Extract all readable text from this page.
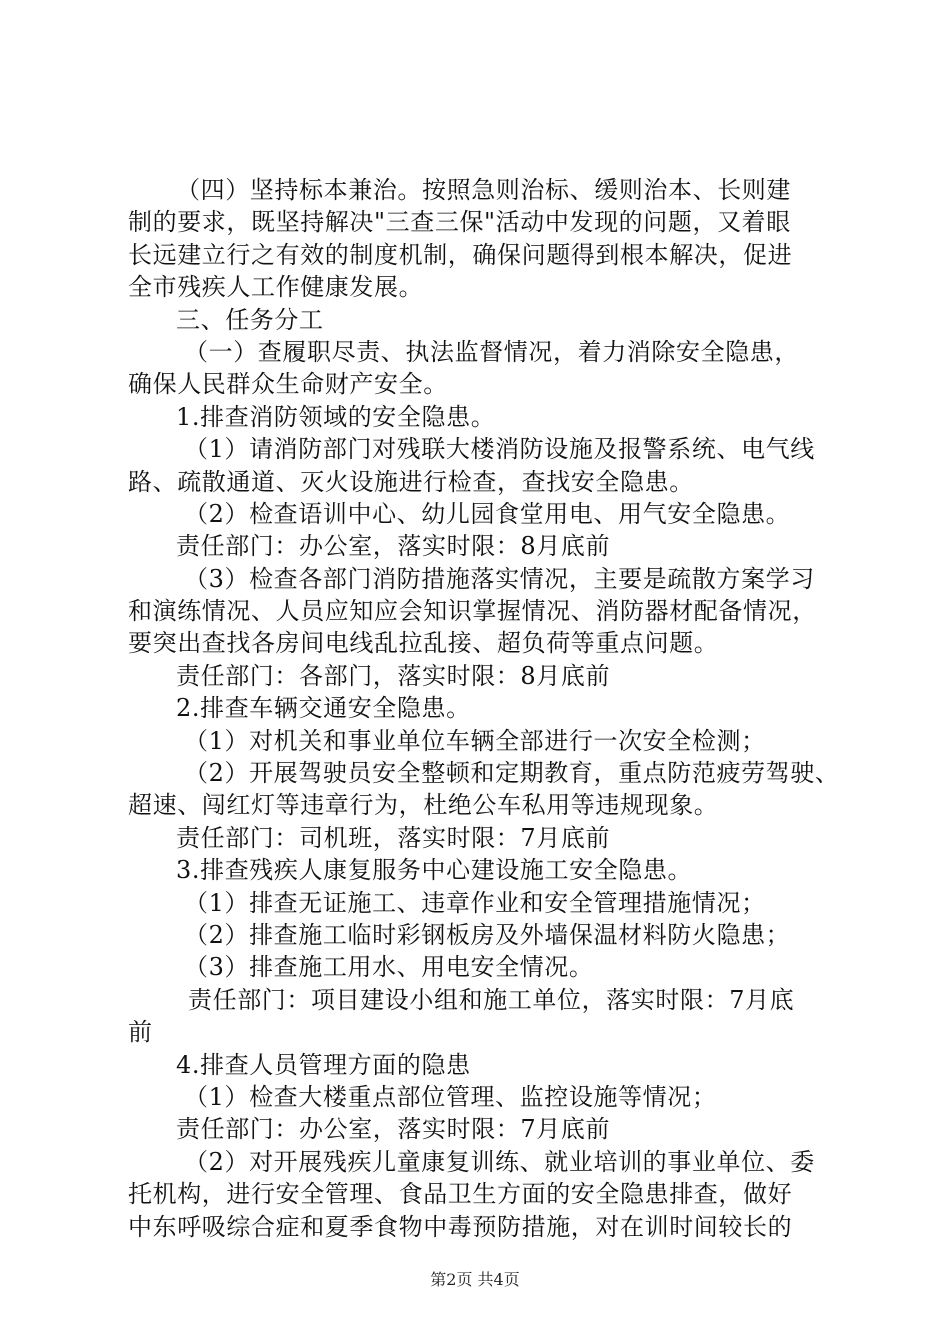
（四）坚持标本兼治。按照急则治标、缓则治本、长则建
制的要求，既坚持解决"三查三保"活动中发现的问题，又着眼
长远建立行之有效的制度机制，确保问题得到根本解决，促进
全市残疾人工作健康发展。
三、任务分工
（一）查履职尽责、执法监督情况，着力消除安全隐患，
确保人民群众生命财产安全。
1.排查消防领域的安全隐患。
（1）请消防部门对残联大楼消防设施及报警系统、电气线
路、疏散通道、灭火设施进行检查，查找安全隐患。
（2）检查语训中心、幼儿园食堂用电、用气安全隐患。
责任部门：办公室，落实时限：8月底前
（3）检查各部门消防措施落实情况，主要是疏散方案学习
和演练情况、人员应知应会知识掌握情况、消防器材配备情况，
要突出查找各房间电线乱拉乱接、超负荷等重点问题。
责任部门：各部门，落实时限：8月底前
2.排查车辆交通安全隐患。
（1）对机关和事业单位车辆全部进行一次安全检测；
（2）开展驾驶员安全整顿和定期教育，重点防范疲劳驾驶、
超速、闯红灯等违章行为，杜绝公车私用等违规现象。
责任部门：司机班，落实时限：7月底前
3.排查残疾人康复服务中心建设施工安全隐患。
（1）排查无证施工、违章作业和安全管理措施情况；
（2）排查施工临时彩钢板房及外墙保温材料防火隐患；
（3）排查施工用水、用电安全情况。
责任部门：项目建设小组和施工单位，落实时限：7月底
前
4.排查人员管理方面的隐患
（1）检查大楼重点部位管理、监控设施等情况；
责任部门：办公室，落实时限：7月底前
（2）对开展残疾儿童康复训练、就业培训的事业单位、委
托机构，进行安全管理、食品卫生方面的安全隐患排查，做好
中东呼吸综合症和夏季食物中毒预防措施，对在训时间较长的
第2页 共4页
